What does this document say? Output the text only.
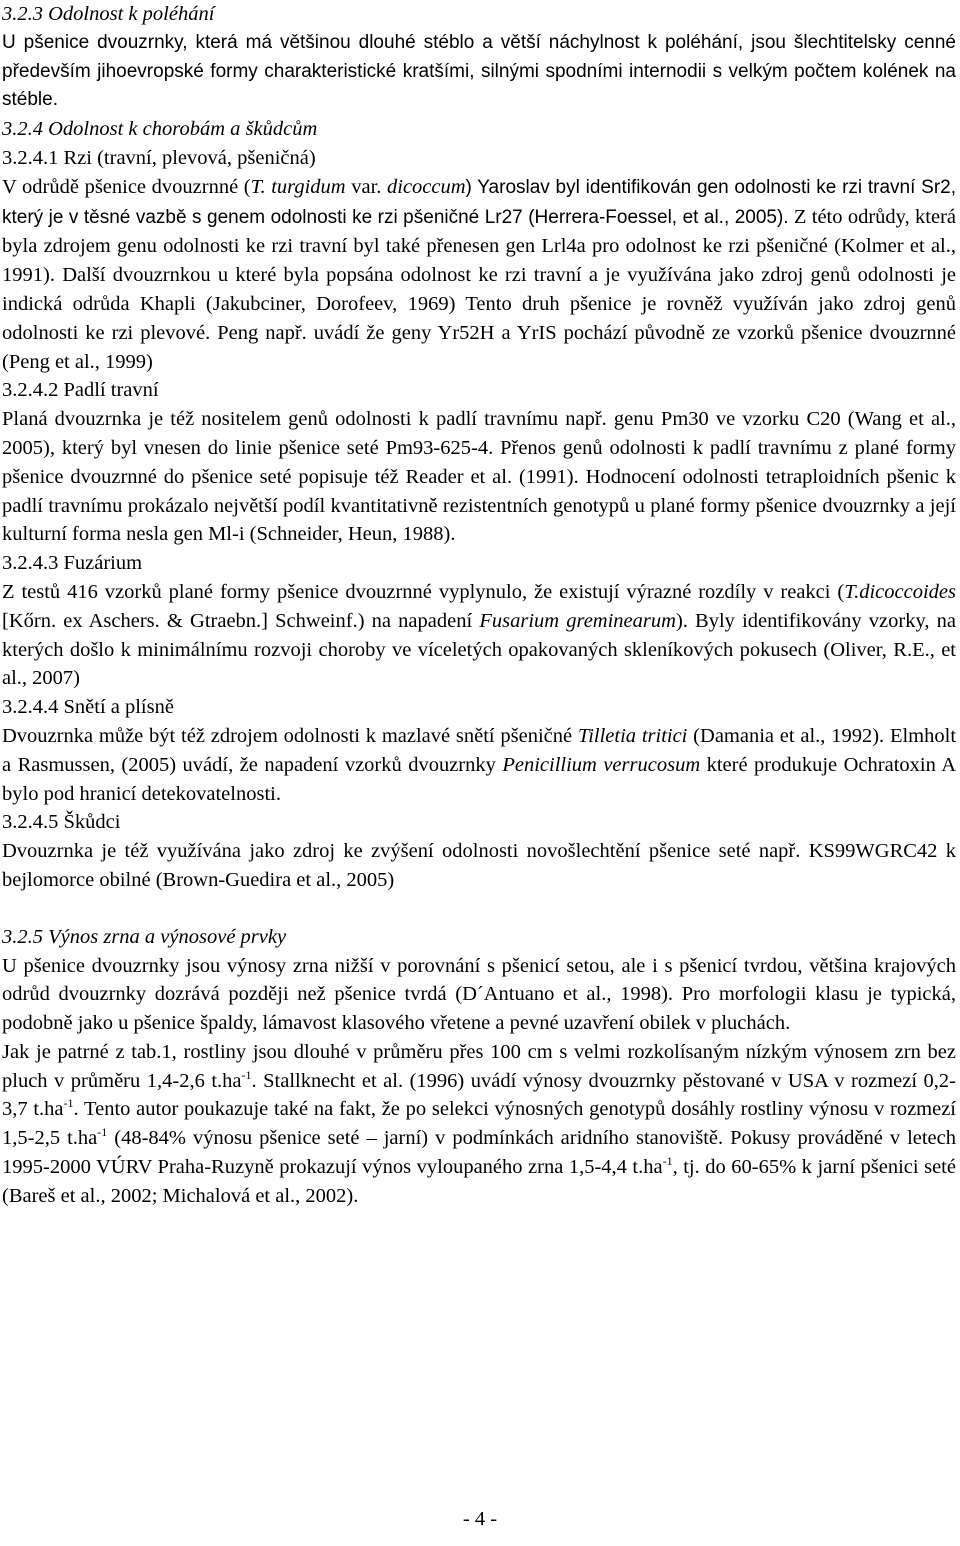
3.2.3 Odolnost k poléhání
U pšenice dvouzrnky, která má většinou dlouhé stéblo a větší náchylnost k poléhání, jsou šlechtitelsky cenné především jihoevropské formy charakteristické kratšími, silnými spodními internodii s velkým počtem kolének na stéble.
3.2.4 Odolnost k chorobám a škůdcům
3.2.4.1 Rzi (travní, plevová, pšeničná)
V odrůdě pšenice dvouzrnné (T. turgidum var. dicoccum) Yaroslav byl identifikován gen odolnosti ke rzi travní Sr2, který je v těsné vazbě s genem odolnosti ke rzi pšeničné Lr27 (Herrera-Foessel, et al., 2005). Z této odrůdy, která byla zdrojem genu odolnosti ke rzi travní byl také přenesen gen Lrl4a pro odolnost ke rzi pšeničné (Kolmer et al., 1991). Další dvouzrnkou u které byla popsána odolnost ke rzi travní a je využívána jako zdroj genů odolnosti je indická odrůda Khapli (Jakubciner, Dorofeev, 1969) Tento druh pšenice je rovněž využíván jako zdroj genů odolnosti ke rzi plevové. Peng např. uvádí že geny Yr52H a YrIS pochází původně ze vzorků pšenice dvouzrnné (Peng et al., 1999)
3.2.4.2 Padlí travní
Planá dvouzrnka je též nositelem genů odolnosti k padlí travnímu např. genu Pm30 ve vzorku C20 (Wang et al., 2005), který byl vnesen do linie pšenice seté Pm93-625-4. Přenos genů odolnosti k padlí travnímu z plané formy pšenice dvouzrnné do pšenice seté popisuje též Reader et al. (1991). Hodnocení odolnosti tetraploidních pšenic k padlí travnímu prokázalo největší podíl kvantitativně rezistentních genotypů u plané formy pšenice dvouzrnky a její kulturní forma nesla gen Ml-i (Schneider, Heun, 1988).
3.2.4.3 Fuzárium
Z testů 416 vzorků plané formy pšenice dvouzrnné vyplynulo, že existují výrazné rozdíly v reakci (T.dicoccoides [Kőrn. ex Aschers. & Gtraebn.] Schweinf.) na napadení Fusarium greminearum). Byly identifikovány vzorky, na kterých došlo k minimálnímu rozvoji choroby ve víceletých opakovaných skleníkových pokusech (Oliver, R.E., et al., 2007)
3.2.4.4 Snětí a plísně
Dvouzrnka může být též zdrojem odolnosti k mazlavé snětí pšeničné Tilletia tritici (Damania et al., 1992). Elmholt a Rasmussen, (2005) uvádí, že napadení vzorků dvouzrnky Penicillium verrucosum které produkuje Ochratoxin A bylo pod hranicí detekovatelnosti.
3.2.4.5 Škůdci
Dvouzrnka je též využívána jako zdroj ke zvýšení odolnosti novošlechtění pšenice seté např. KS99WGRC42 k bejlomorce obilné (Brown-Guedira et al., 2005)
3.2.5 Výnos zrna a výnosové prvky
U pšenice dvouzrnky jsou výnosy zrna nižší v porovnání s pšenicí setou, ale i s pšenicí tvrdou, většina krajových odrůd dvouzrnky dozrává později než pšenice tvrdá (D´Antuano et al., 1998). Pro morfologii klasu je typická, podobně jako u pšenice špaldy, lámavost klasového vřetene a pevné uzavření obilek v pluchách.
Jak je patrné z tab.1, rostliny jsou dlouhé v průměru přes 100 cm s velmi rozkolísaným nízkým výnosem zrn bez pluch v průměru 1,4-2,6 $t.ha^{-1}$. Stallknecht et al. (1996) uvádí výnosy dvouzrnky pěstované v USA v rozmezí 0,2-3,7 $t.ha^{-1}$. Tento autor poukazuje také na fakt, že po selekci výnosných genotypů dosáhly rostliny výnosu v rozmezí 1,5-2,5 $t.ha^{-1}$ (48-84% výnosu pšenice seté – jarní) v podmínkách aridního stanoviště. Pokusy prováděné v letech 1995-2000 VÚRV Praha-Ruzyně prokazují výnos vyloupaného zrna 1,5-4,4 $t.ha^{-1}$, tj. do 60-65% k jarní pšenici seté (Bareš et al., 2002; Michalová et al., 2002).
- 4 -
